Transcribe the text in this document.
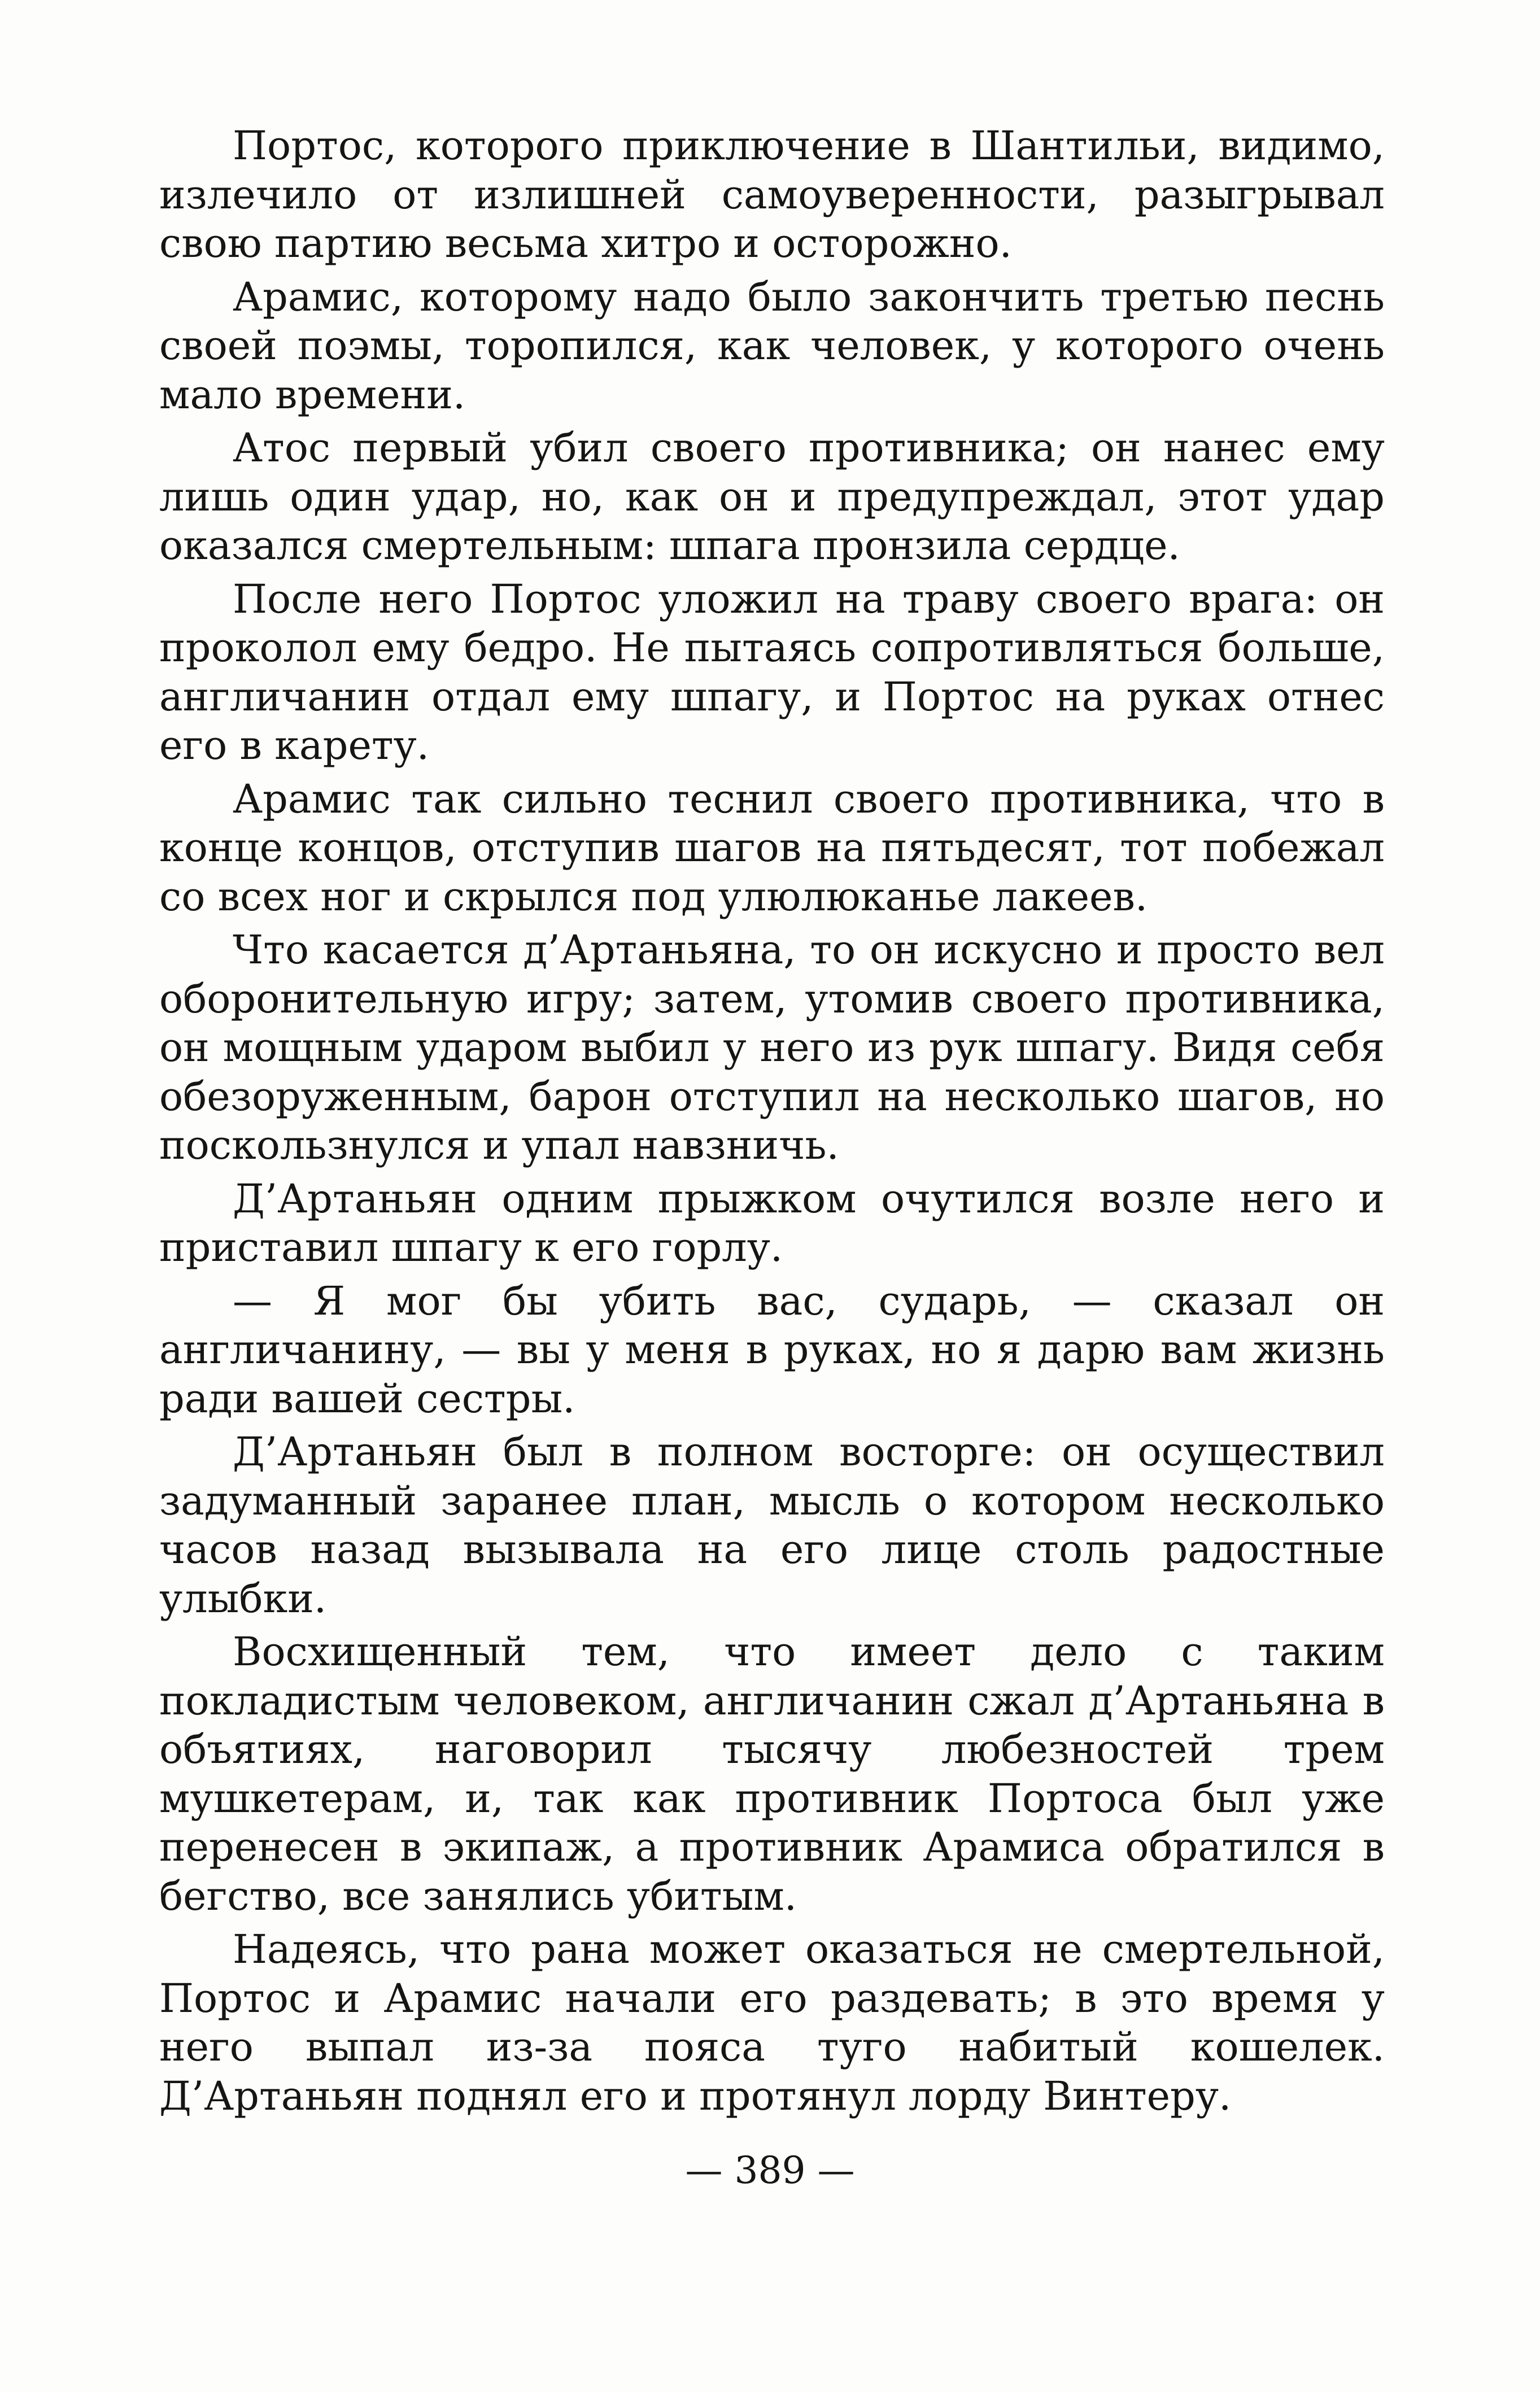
Портос, которого приключение в Шантильи, видимо, излечило от излишней самоуверенности, разыгрывал свою партию весьма хитро и осторожно.

Арамис, которому надо было закончить третью песнь своей поэмы, торопился, как человек, у которого очень мало времени.

Атос первый убил своего противника; он нанес ему лишь один удар, но, как он и предупреждал, этот удар оказался смертельным: шпага пронзила сердце.

После него Портос уложил на траву своего врага: он проколол ему бедро. Не пытаясь сопротивляться больше, англичанин отдал ему шпагу, и Портос на руках отнес его в карету.

Арамис так сильно теснил своего противника, что в конце концов, отступив шагов на пятьдесят, тот побежал со всех ног и скрылся под улюлюканье лакеев.

Что касается д’Артаньяна, то он искусно и просто вел оборонительную игру; затем, утомив своего противника, он мощным ударом выбил у него из рук шпагу. Видя себя обезоруженным, барон отступил на несколько шагов, но поскользнулся и упал навзничь.

Д’Артаньян одним прыжком очутился возле него и приставил шпагу к его горлу.

— Я мог бы убить вас, сударь, — сказал он англичанину, — вы у меня в руках, но я дарю вам жизнь ради вашей сестры.

Д’Артаньян был в полном восторге: он осуществил задуманный заранее план, мысль о котором несколько часов назад вызывала на его лице столь радостные улыбки.

Восхищенный тем, что имеет дело с таким покладистым человеком, англичанин сжал д’Артаньяна в объятиях, наговорил тысячу любезностей трем мушкетерам, и, так как противник Портоса был уже перенесен в экипаж, а противник Арамиса обратился в бегство, все занялись убитым.

Надеясь, что рана может оказаться не смертельной, Портос и Арамис начали его раздевать; в это время у него выпал из-за пояса туго набитый кошелек. Д’Артаньян поднял его и протянул лорду Винтеру.

— 389 —
